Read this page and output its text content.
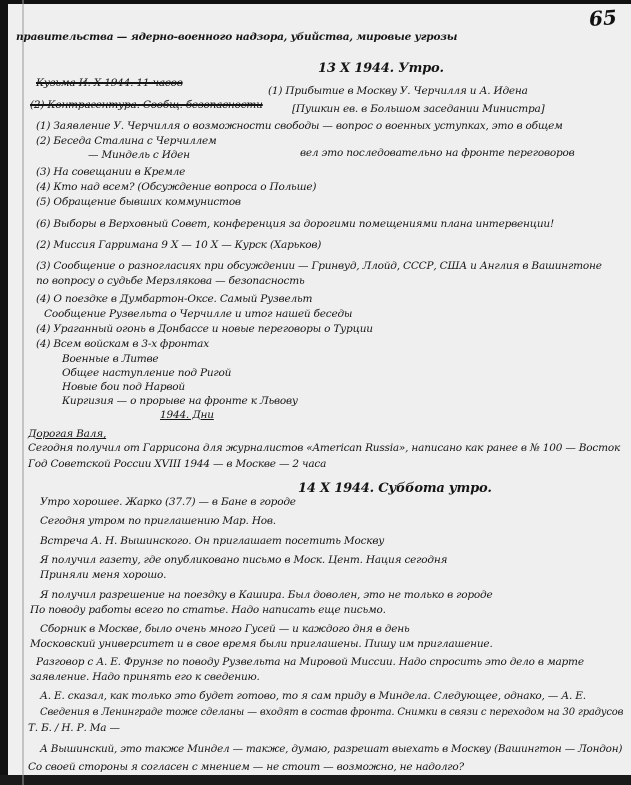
65
правительства — ядерно-военного надзора, убийства, мировые угрозы
13 X 1944. Утро.
Кузьма И. X 1944. 11 часов
(1) Прибытие в Москву У. Черчилля и А. Идена
(2) Контрагентура. Сообщ. безопасности	[Пушкин ев. в Большом заседании Министра]
(1) Заявление У. Черчилля о возможности свободы — вопрос о военных уступках, это в общем
(2) Беседа Сталина с Черчиллем
— Миндель с Иден	вел это последовательно на фронте переговоров
(3) На совещании в Кремле
(4) Кто над всем? (Обсуждение вопроса о Польше)
(5) Обращение бывших коммунистов
(6) Выборы в Верховный Совет, конференция за дорогими помещениями плана интервенции!
(2) Миссия Гарримана 9 X — 10 X — Курск (Харьков)
(3) Сообщение о разногласиях при обсуждении — Гринвуд, Ллойд, СССР, США и Англия в Вашингтоне
по вопросу о судьбе Мерзлякова — безопасность
(4) О поездке в Думбартон-Оксе. Самый Рузвельт
Сообщение Рузвельта о Черчилле и итог нашей беседы
(4) Ураганный огонь в Донбассе и новые переговоры о Турции
(4) Всем войскам в 3-х фронтах
Военные в Литве
Общее наступление под Ригой
Новые бои под Нарвой
Киргизия — о прорыве на фронте к Львову
1944. Дни
Дорогая Валя,
Сегодня получил от Гаррисона для журналистов «American Russia», написано как ранее в № 100 — Восток
Год Советской России XVIII 1944 — в Москве — 2 часа
14 X 1944. Суббота утро.
Утро хорошее. Жарко (37.7) — в Бане в городе
Сегодня утром по приглашению Мар. Нов.
Встреча А. Н. Вышинского. Он приглашает посетить Москву
Я получил газету, где опубликовано письмо в Моск. Цент. Нация сегодня
Приняли меня хорошо.
Я получил разрешение на поездку в Кашира. Был доволен, это не только в городе
По поводу работы всего по статье. Надо написать еще письмо.
Сборник в Москве, было очень много Гусей — и каждого дня в день
Московский университет и в свое время были приглашены. Пишу им приглашение.
Разговор с А. Е. Фрунзе по поводу Рузвельта на Мировой Миссии. Надо спросить это дело в марте
заявление. Надо принять его к сведению.
А. Е. сказал, как только это будет готово, то я сам приду в Миндела. Следующее, однако, — А. Е.
Сведения в Ленинграде тоже сделаны — входят в состав фронта. Снимки в связи с переходом на 30 градусов
Т. Б. / Н. Р. Ма —
А Вышинский, это также Миндел — также, думаю, разрешат выехать в Москву (Вашингтон — Лондон)
Со своей стороны я согласен с мнением — не стоит — возможно, не надолго?
